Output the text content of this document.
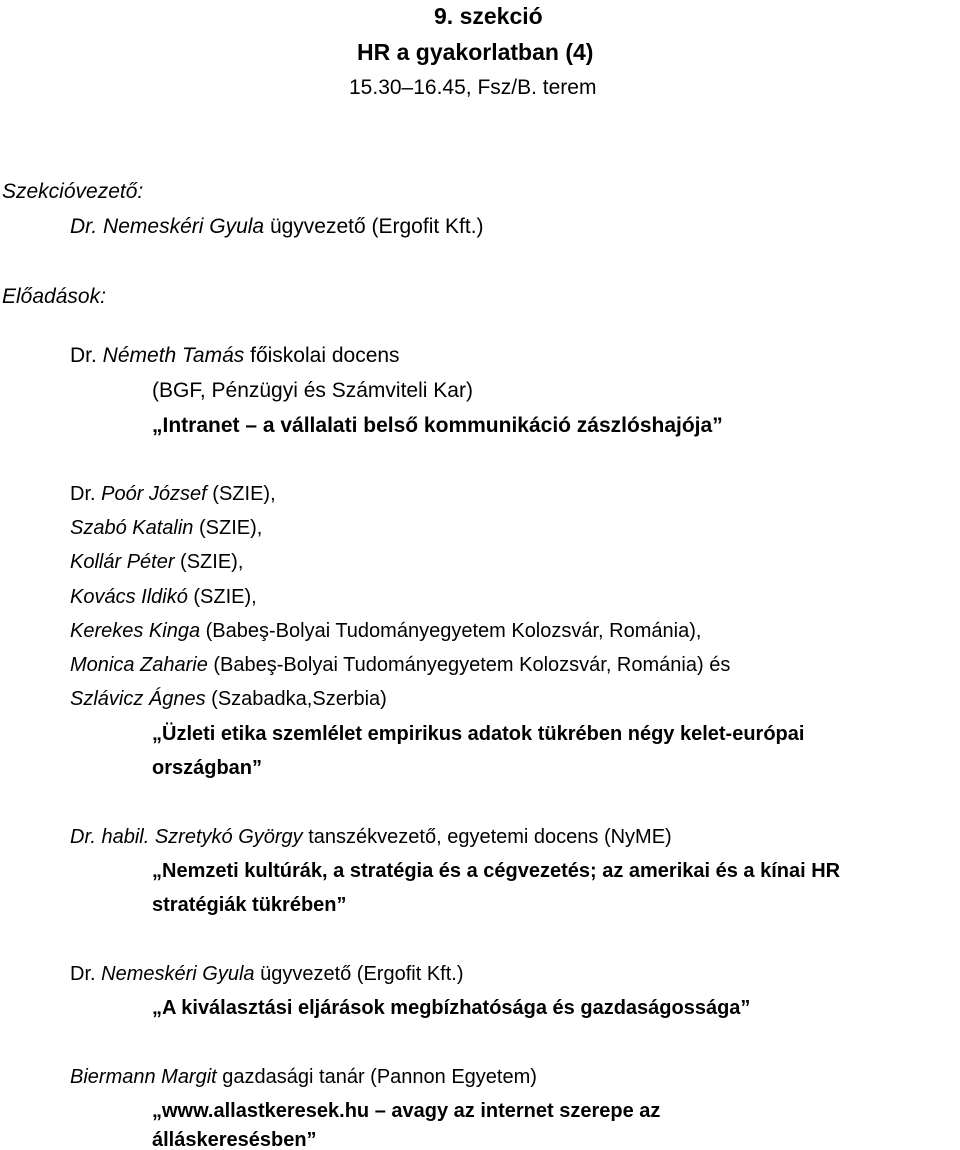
9. szekció
HR a gyakorlatban (4)
15.30–16.45, Fsz/B. terem
Szekcióvezető:
Dr. Nemeskéri Gyula ügyvezető (Ergofit Kft.)
Előadások:
Dr. Németh Tamás főiskolai docens
(BGF, Pénzügyi és Számviteli Kar)
„Intranet – a vállalati belső kommunikáció zászlóshajója”
Dr. Poór József (SZIE),
Szabó Katalin (SZIE),
Kollár Péter (SZIE),
Kovács Ildikó (SZIE),
Kerekes Kinga (Babeş-Bolyai Tudományegyetem Kolozsvár, Románia),
Monica Zaharie (Babeş-Bolyai Tudományegyetem Kolozsvár, Románia) és
Szlávicz Ágnes (Szabadka,Szerbia)
„Üzleti etika szemlélet empirikus adatok tükrében négy kelet-európai
országban”
Dr. habil. Szretykó György tanszékvezető, egyetemi docens (NyME)
„Nemzeti kultúrák, a stratégia és a cégvezetés; az amerikai és a kínai HR
stratégiák tükrében”
Dr. Nemeskéri Gyula ügyvezető (Ergofit Kft.)
„A kiválasztási eljárások megbízhatósága és gazdaságossága”
Biermann Margit gazdasági tanár (Pannon Egyetem)
„www.allastkeresek.hu – avagy az internet szerepe az
álláskeresésben”
